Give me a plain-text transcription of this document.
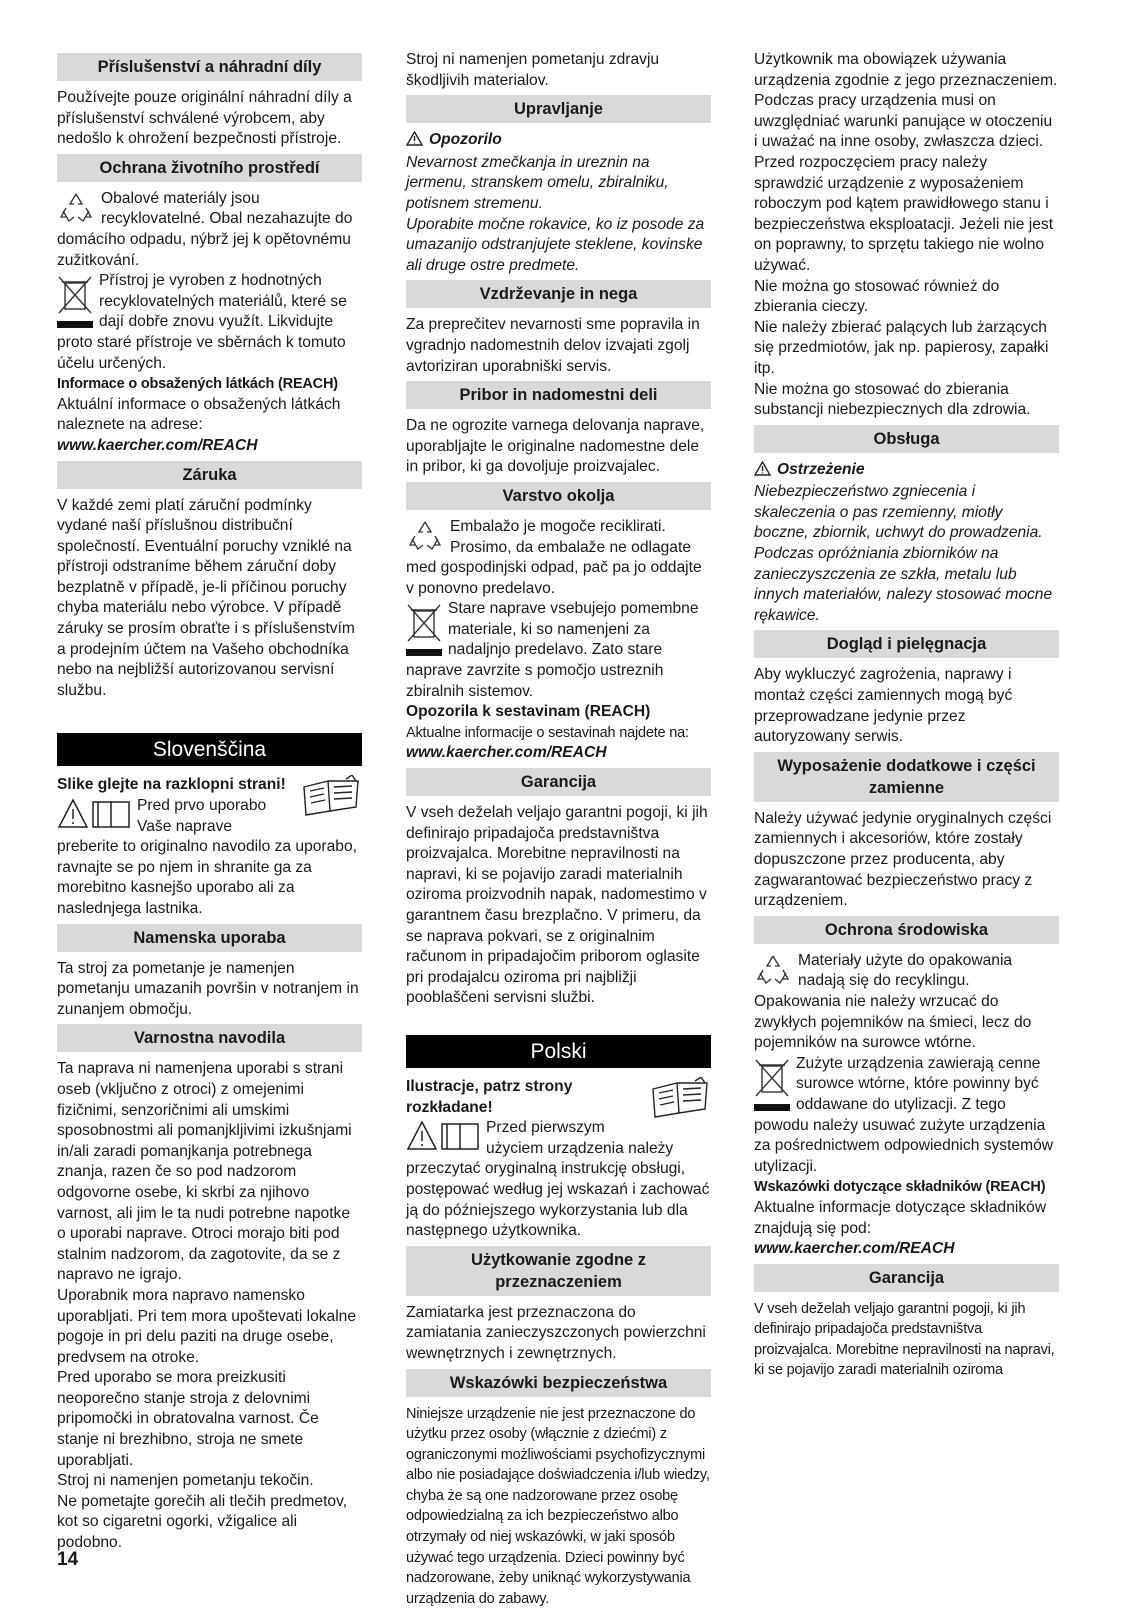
Příslušenství a náhradní díly

Používejte pouze originální náhradní díly a příslušenství schválené výrobcem, aby nedošlo k ohrožení bezpečnosti přístroje.

Ochrana životního prostředí

Obalové materiály jsou recyklovatelné. Obal nezahazujte do domácího odpadu, nýbrž jej k opětovnému zužitkování.

Přístroj je vyroben z hodnotných recyklovatelných materiálů, které se dají dobře znovu využít. Likvidujte proto staré přístroje ve sběrnách k tomuto účelu určených.

Informace o obsažených látkách (REACH)

Aktuální informace o obsažených látkách naleznete na adrese:

www.kaercher.com/REACH

Záruka

V každé zemi platí záruční podmínky vydané naší příslušnou distribuční společností. Eventuální poruchy vzniklé na přístroji odstraníme během záruční doby bezplatně v případě, je-li příčinou poruchy chyba materiálu nebo výrobce. V případě záruky se prosím obraťte i s příslušenstvím a prodejním účtem na Vašeho obchodníka nebo na nejbližší autorizovanou servisní službu.

Slovenščina

Slike glejte na razklopni strani!

Pred prvo uporabo Vaše naprave preberite to originalno navodilo za uporabo, ravnajte se po njem in shranite ga za morebitno kasnejšo uporabo ali za naslednjega lastnika.

Namenska uporaba

Ta stroj za pometanje je namenjen pometanju umazanih površin v notranjem in zunanjem območju.

Varnostna navodila

Ta naprava ni namenjena uporabi s strani oseb (vključno z otroci) z omejenimi fizičnimi, senzoričnimi ali umskimi sposobnostmi ali pomanjkljivimi izkušnjami in/ali zaradi pomanjkanja potrebnega znanja, razen če so pod nadzorom odgovorne osebe, ki skrbi za njihovo varnost, ali jim le ta nudi potrebne napotke o uporabi naprave. Otroci morajo biti pod stalnim nadzorom, da zagotovite, da se z napravo ne igrajo.

Uporabnik mora napravo namensko uporabljati. Pri tem mora upoštevati lokalne pogoje in pri delu paziti na druge osebe, predvsem na otroke.

Pred uporabo se mora preizkusiti neoporečno stanje stroja z delovnimi pripomočki in obratovalna varnost. Če stanje ni brezhibno, stroja ne smete uporabljati.

Stroj ni namenjen pometanju tekočin.

Ne pometajte gorečih ali tlečih predmetov, kot so cigaretni ogorki, vžigalice ali podobno.

Stroj ni namenjen pometanju zdravju škodljivih materialov.

Upravljanje

Opozorilo

Nevarnost zmečkanja in ureznin na jermenu, stranskem omelu, zbiralniku, potisnem stremenu.

Uporabite močne rokavice, ko iz posode za umazanijo odstranjujete steklene, kovinske ali druge ostre predmete.

Vzdrževanje in nega

Za preprečitev nevarnosti sme popravila in vgradnjo nadomestnih delov izvajati zgolj avtoriziran uporabniški servis.

Pribor in nadomestni deli

Da ne ogrozite varnega delovanja naprave, uporabljajte le originalne nadomestne dele in pribor, ki ga dovoljuje proizvajalec.

Varstvo okolja

Embalažo je mogoče reciklirati. Prosimo, da embalaže ne odlagate med gospodinjski odpad, pač pa jo oddajte v ponovno predelavo.

Stare naprave vsebujejo pomembne materiale, ki so namenjeni za nadaljnjo predelavo. Zato stare naprave zavrzite s pomočjo ustreznih zbiralnih sistemov.

Opozorila k sestavinam (REACH)

Aktualne informacije o sestavinah najdete na:

www.kaercher.com/REACH

Garancija

V vseh deželah veljajo garantni pogoji, ki jih definirajo pripadajoča predstavništva proizvajalca. Morebitne nepravilnosti na napravi, ki se pojavijo zaradi materialnih oziroma proizvodnih napak, nadomestimo v garantnem času brezplačno. V primeru, da se naprava pokvari, se z originalnim računom in pripadajočim priborom oglasite pri prodajalcu oziroma pri najbližji pooblaščeni servisni službi.

Polski

Ilustracje, patrz strony rozkładane!

Przed pierwszym użyciem urządzenia należy przeczytać oryginalną instrukcję obsługi, postępować według jej wskazań i zachować ją do późniejszego wykorzystania lub dla następnego użytkownika.

Użytkowanie zgodne z przeznaczeniem

Zamiatarka jest przeznaczona do zamiatania zanieczyszczonych powierzchni wewnętrznych i zewnętrznych.

Wskazówki bezpieczeństwa

Niniejsze urządzenie nie jest przeznaczone do użytku przez osoby (włącznie z dziećmi) z ograniczonymi możliwościami psychofizycznymi albo nie posiadające doświadczenia i/lub wiedzy, chyba że są one nadzorowane przez osobę odpowiedzialną za ich bezpieczeństwo albo otrzymały od niej wskazówki, w jaki sposób używać tego urządzenia. Dzieci powinny być nadzorowane, żeby uniknąć wykorzystywania urządzenia do zabawy.

Użytkownik ma obowiązek używania urządzenia zgodnie z jego przeznaczeniem. Podczas pracy urządzenia musi on uwzględniać warunki panujące w otoczeniu i uważać na inne osoby, zwłaszcza dzieci.

Przed rozpoczęciem pracy należy sprawdzić urządzenie z wyposażeniem roboczym pod kątem prawidłowego stanu i bezpieczeństwa eksploatacji. Jeżeli nie jest on poprawny, to sprzętu takiego nie wolno używać.

Nie można go stosować również do zbierania cieczy.

Nie należy zbierać palących lub żarzących się przedmiotów, jak np. papierosy, zapałki itp.

Nie można go stosować do zbierania substancji niebezpiecznych dla zdrowia.

Obsługa

Ostrzeżenie

Niebezpieczeństwo zgniecenia i skaleczenia o pas rzemienny, miotły boczne, zbiornik, uchwyt do prowadzenia.

Podczas opróżniania zbiorników na zanieczyszczenia ze szkła, metalu lub innych materiałów, nalezy stosować mocne rękawice.

Dogląd i pielęgnacja

Aby wykluczyć zagrożenia, naprawy i montaż części zamiennych mogą być przeprowadzane jedynie przez autoryzowany serwis.

Wyposażenie dodatkowe i części zamienne

Należy używać jedynie oryginalnych części zamiennych i akcesoriów, które zostały dopuszczone przez producenta, aby zagwarantować bezpieczeństwo pracy z urządzeniem.

Ochrona środowiska

Materiały użyte do opakowania nadają się do recyklingu. Opakowania nie należy wrzucać do zwykłych pojemników na śmieci, lecz do pojemników na surowce wtórne.

Zużyte urządzenia zawierają cenne surowce wtórne, które powinny być oddawane do utylizacji. Z tego powodu należy usuwać zużyte urządzenia za pośrednictwem odpowiednich systemów utylizacji.

Wskazówki dotyczące składników (REACH)

Aktualne informacje dotyczące składników znajdują się pod:

www.kaercher.com/REACH

Garancija

V vseh deželah veljajo garantni pogoji, ki jih definirajo pripadajoča predstavništva proizvajalca. Morebitne nepravilnosti na napravi, ki se pojavijo zaradi materialnih oziroma

14
